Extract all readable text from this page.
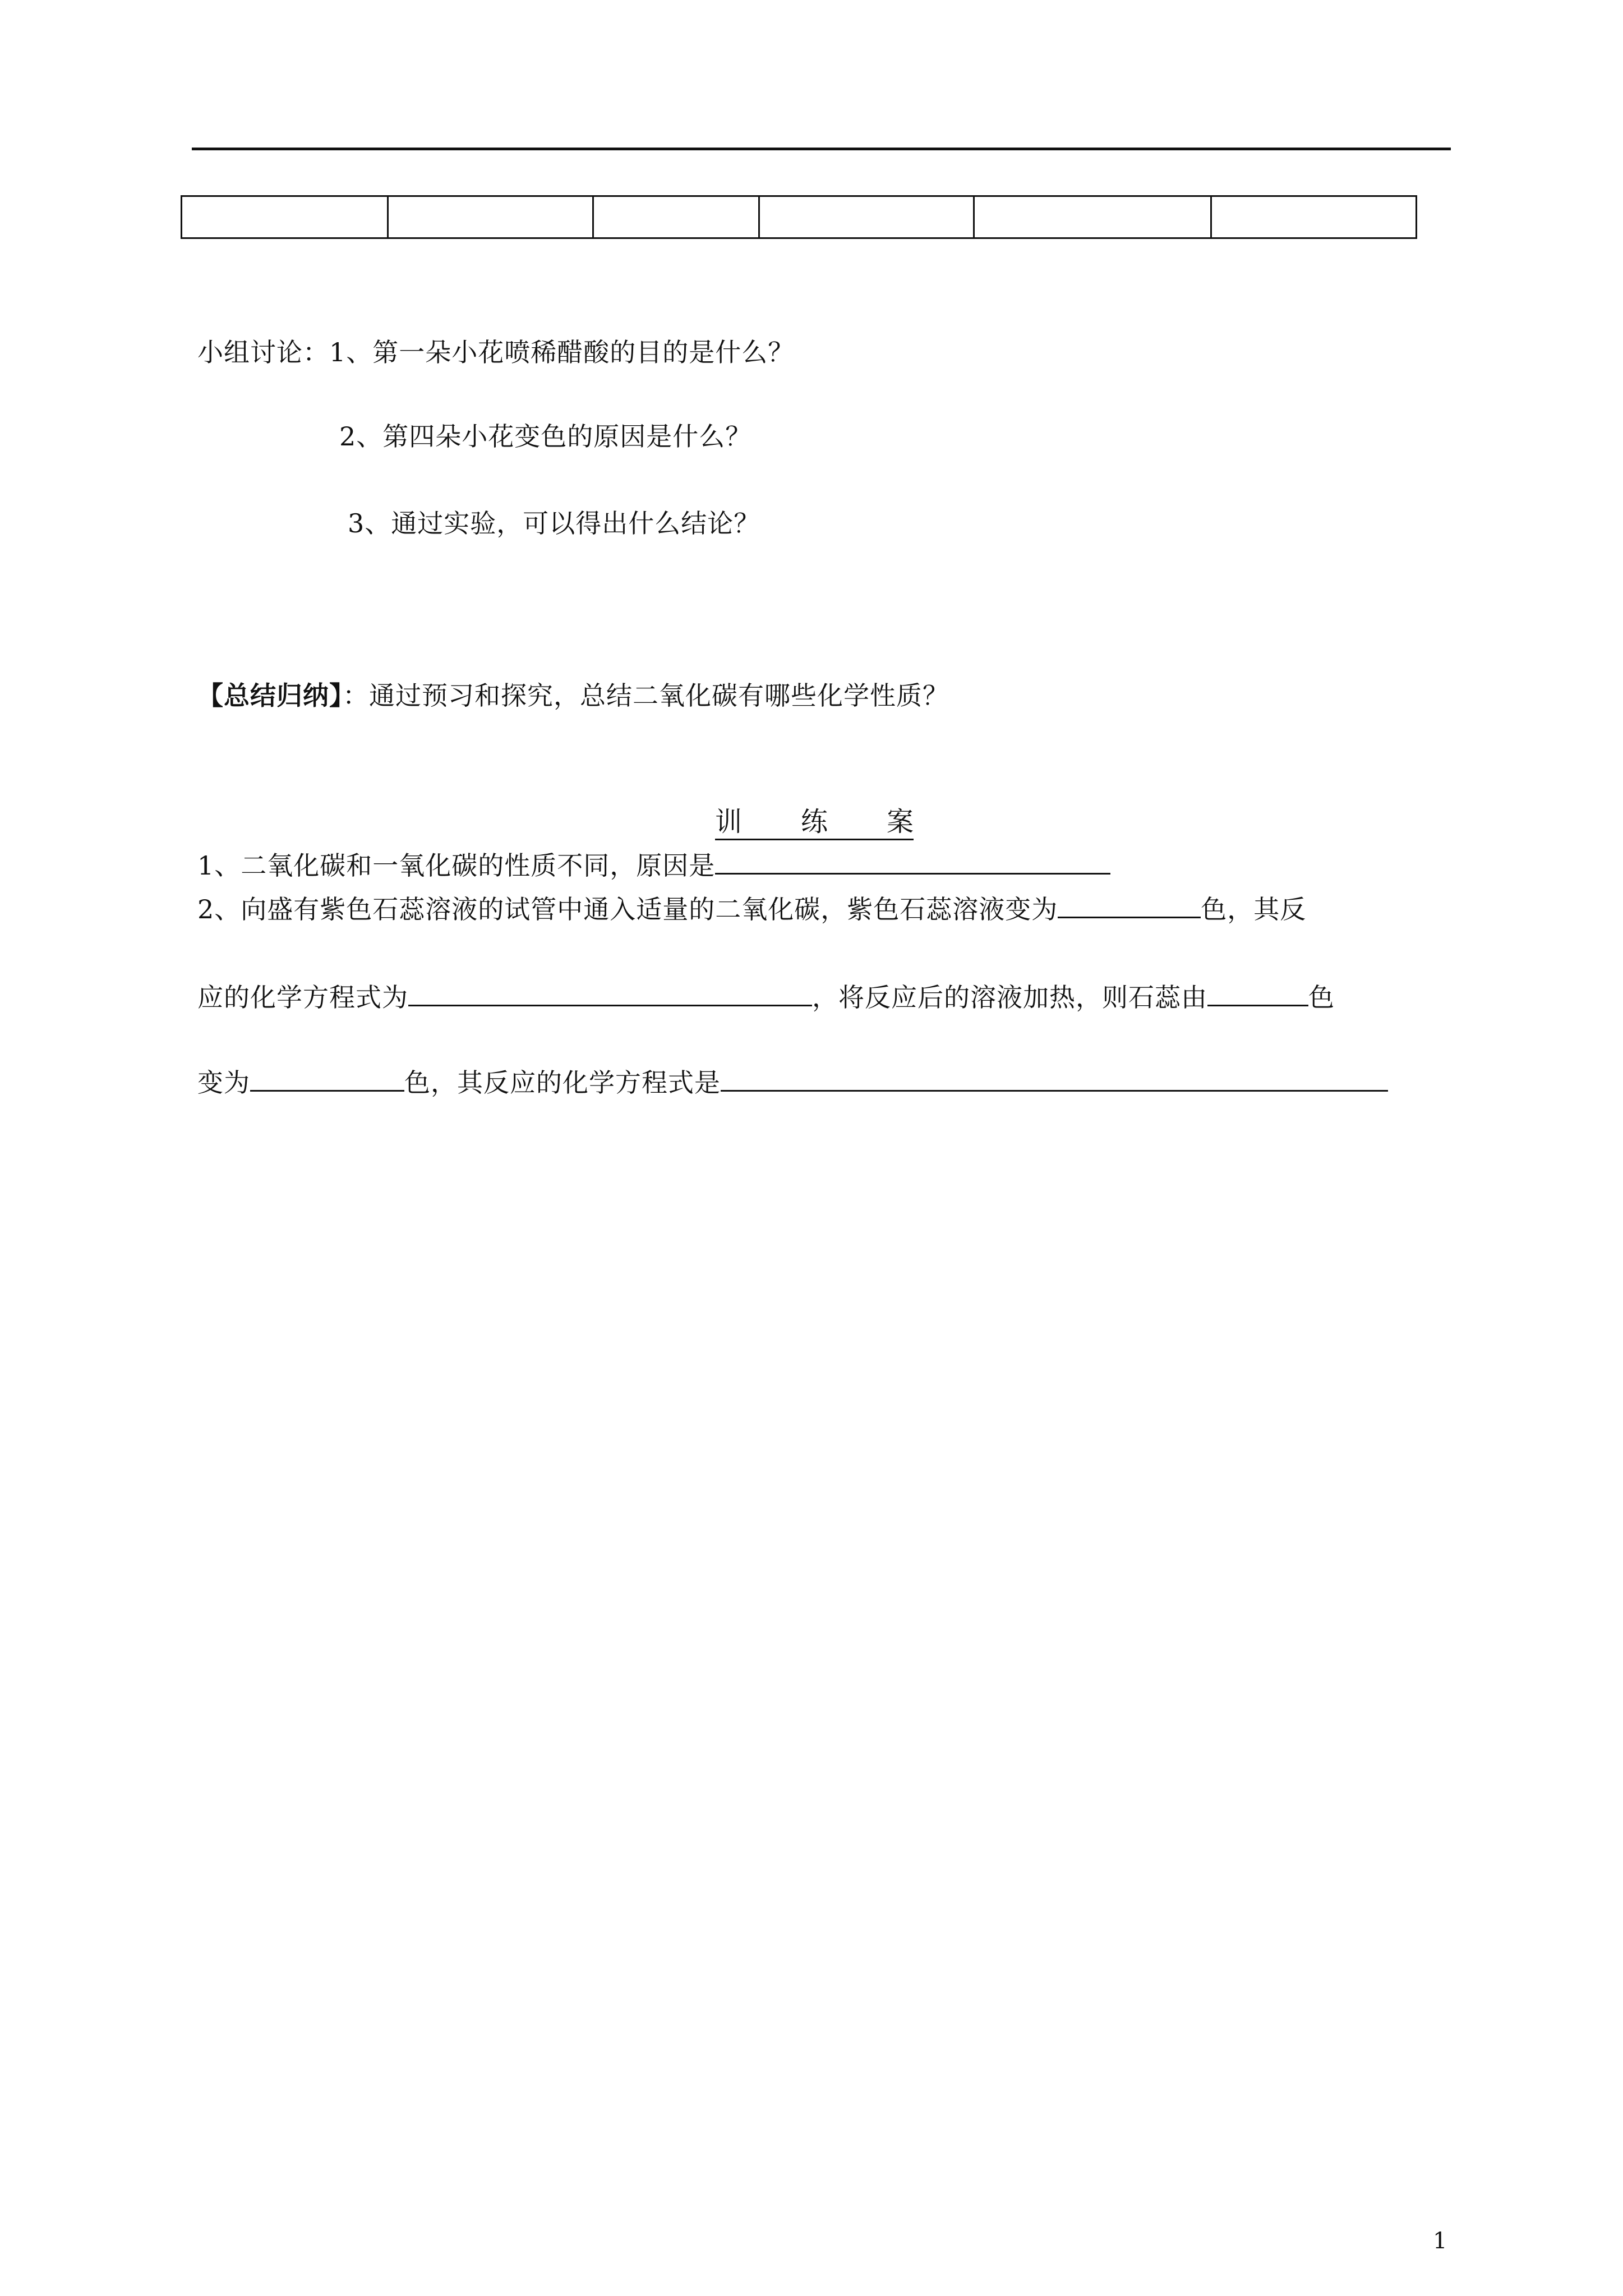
小组讨论：1、第一朵小花喷稀醋酸的目的是什么？
2、第四朵小花变色的原因是什么？
3、通过实验，可以得出什么结论？
【总结归纳】：通过预习和探究，总结二氧化碳有哪些化学性质？
训 练 案
1、二氧化碳和一氧化碳的性质不同，原因是
2、向盛有紫色石蕊溶液的试管中通入适量的二氧化碳，紫色石蕊溶液变为	色，其反
应的化学方程式为	，将反应后的溶液加热，则石蕊由	色
变为	色，其反应的化学方程式是
1
